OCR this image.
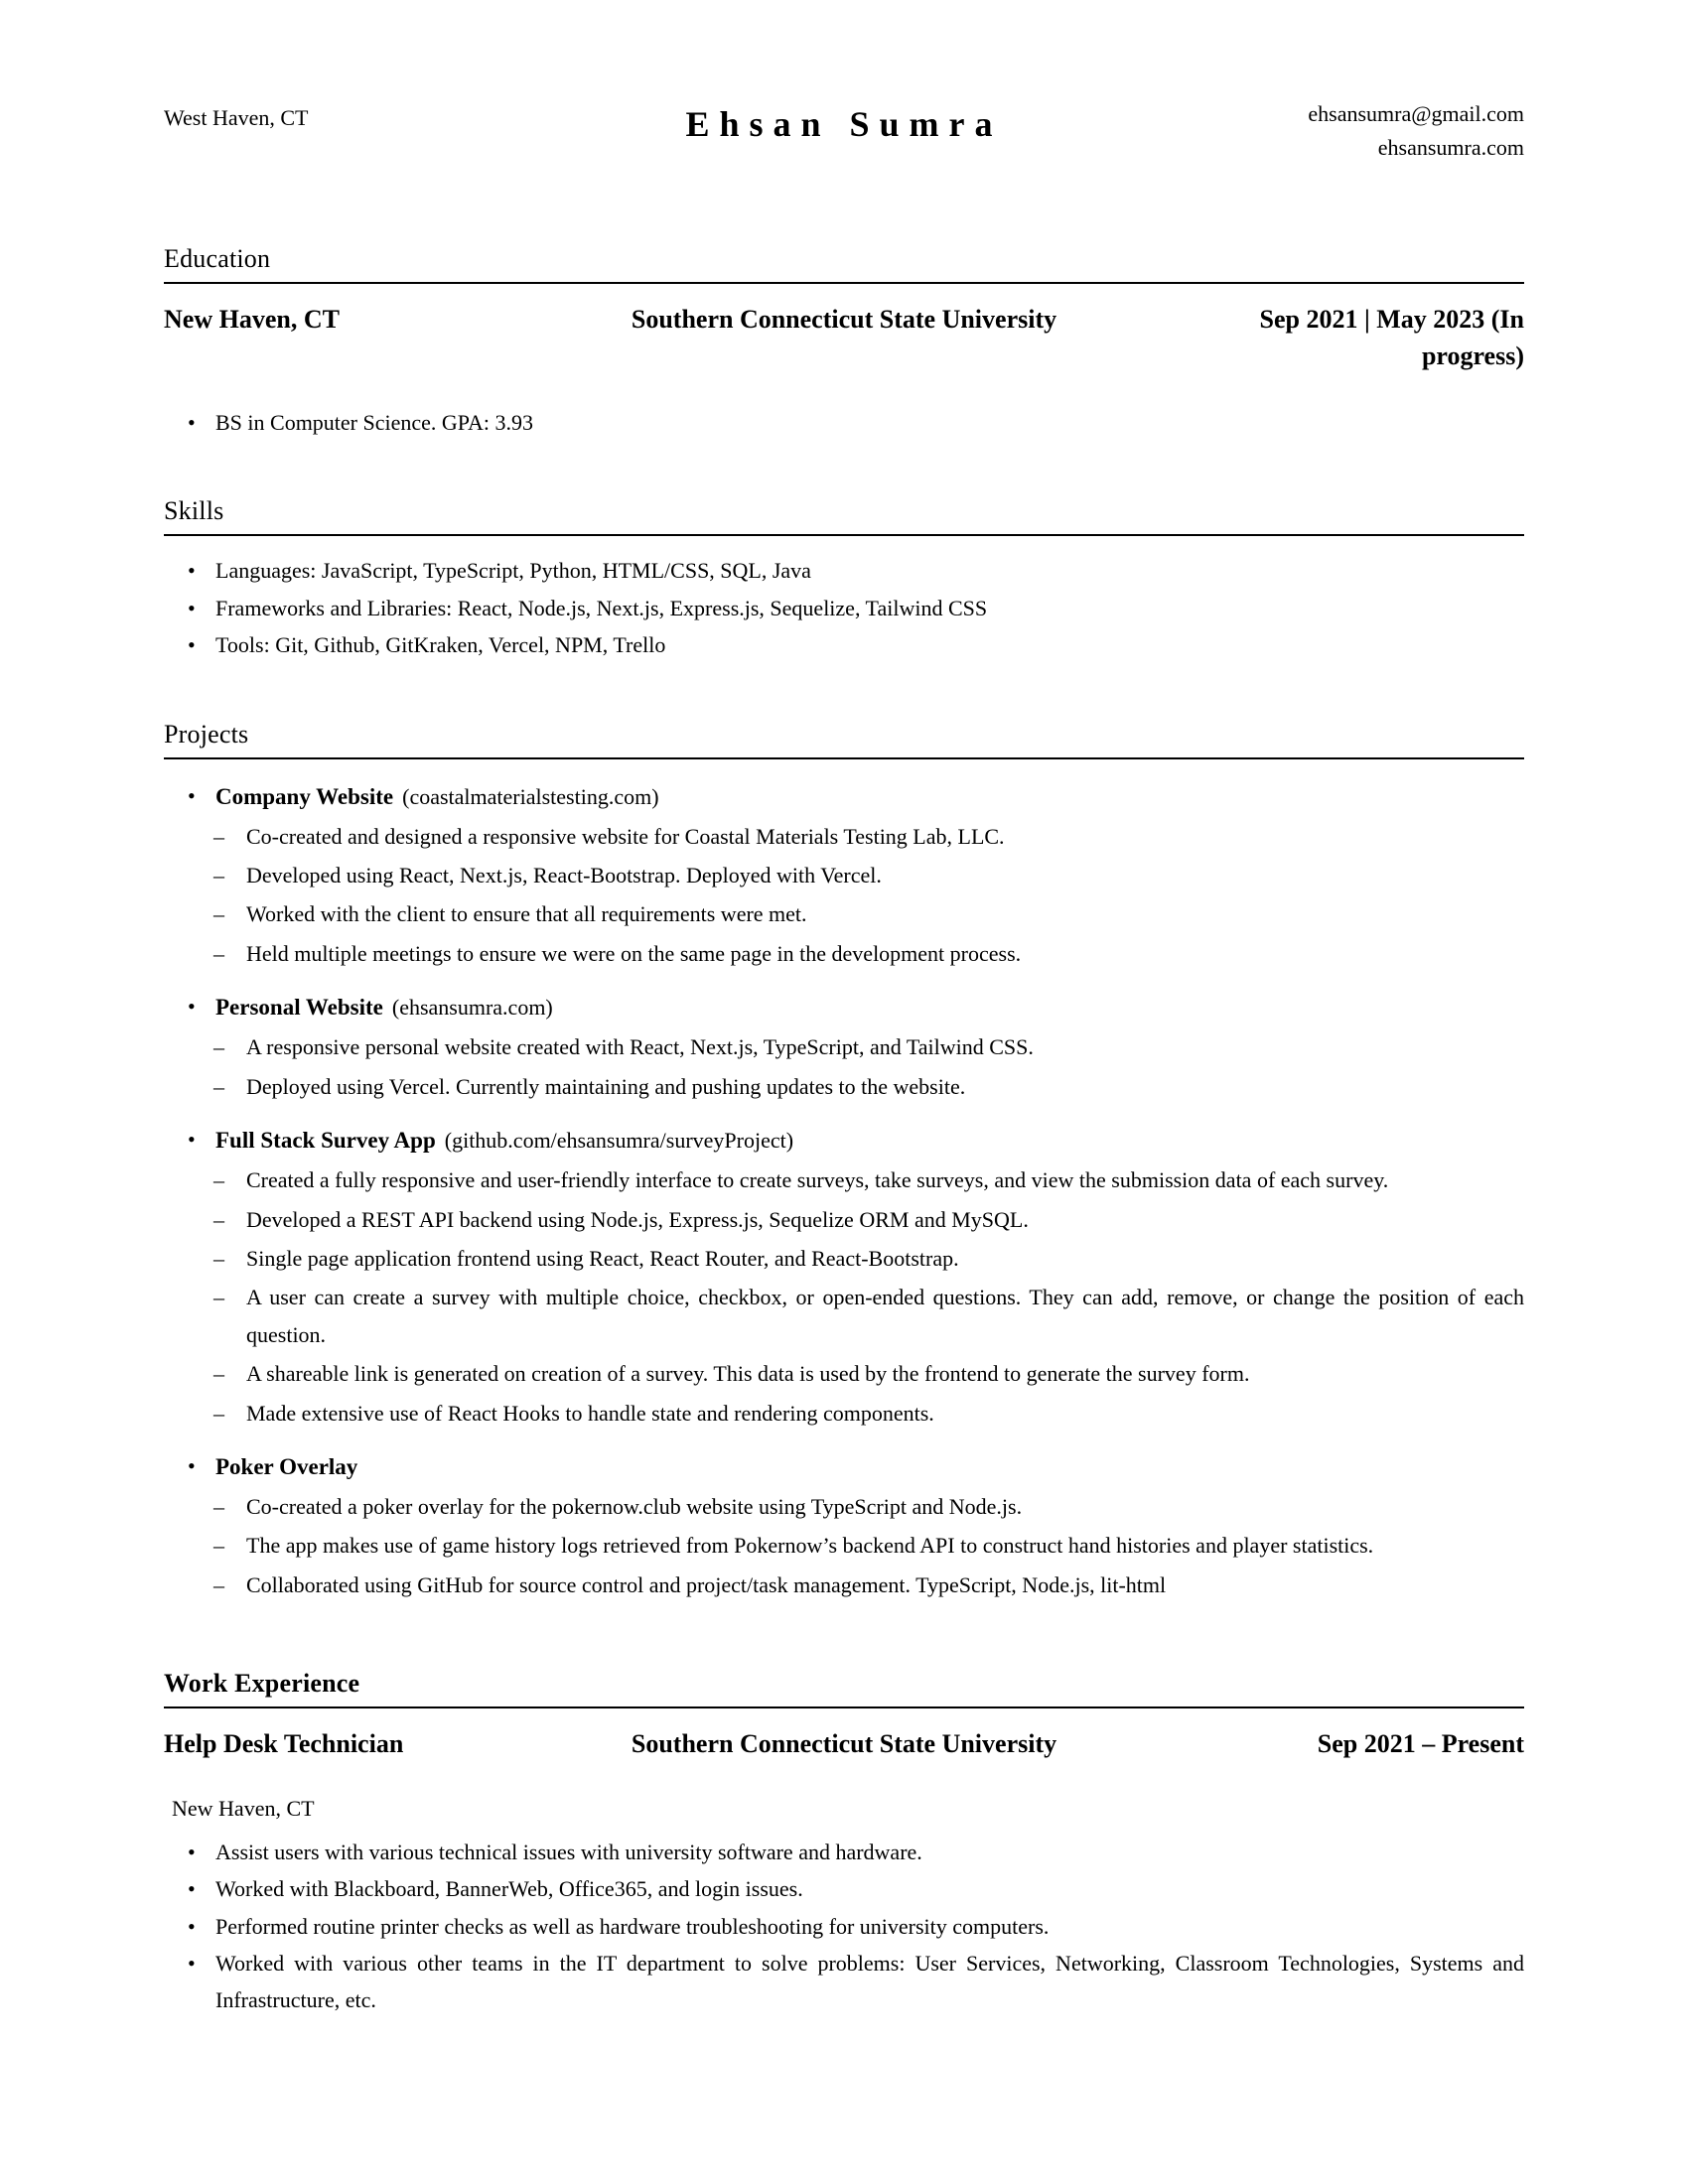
West Haven, CT	Ehsan Sumra	ehsansumra@gmail.com
ehsansumra.com
Education
New Haven, CT	Southern Connecticut State University	Sep 2021 | May 2023 (In progress)
• BS in Computer Science. GPA: 3.93
Skills
• Languages: JavaScript, TypeScript, Python, HTML/CSS, SQL, Java
• Frameworks and Libraries: React, Node.js, Next.js, Express.js, Sequelize, Tailwind CSS
• Tools: Git, Github, GitKraken, Vercel, NPM, Trello
Projects
• Company Website (coastalmaterialstesting.com)
– Co-created and designed a responsive website for Coastal Materials Testing Lab, LLC.
– Developed using React, Next.js, React-Bootstrap. Deployed with Vercel.
– Worked with the client to ensure that all requirements were met.
– Held multiple meetings to ensure we were on the same page in the development process.
• Personal Website (ehsansumra.com)
– A responsive personal website created with React, Next.js, TypeScript, and Tailwind CSS.
– Deployed using Vercel. Currently maintaining and pushing updates to the website.
• Full Stack Survey App (github.com/ehsansumra/surveyProject)
– Created a fully responsive and user-friendly interface to create surveys, take surveys, and view the submission data of each survey.
– Developed a REST API backend using Node.js, Express.js, Sequelize ORM and MySQL.
– Single page application frontend using React, React Router, and React-Bootstrap.
– A user can create a survey with multiple choice, checkbox, or open-ended questions. They can add, remove, or change the position of each question.
– A shareable link is generated on creation of a survey. This data is used by the frontend to generate the survey form.
– Made extensive use of React Hooks to handle state and rendering components.
• Poker Overlay
– Co-created a poker overlay for the pokernow.club website using TypeScript and Node.js.
– The app makes use of game history logs retrieved from Pokernow’s backend API to construct hand histories and player statistics.
– Collaborated using GitHub for source control and project/task management. TypeScript, Node.js, lit-html
Work Experience
Help Desk Technician	Southern Connecticut State University	Sep 2021 – Present
New Haven, CT
• Assist users with various technical issues with university software and hardware.
• Worked with Blackboard, BannerWeb, Office365, and login issues.
• Performed routine printer checks as well as hardware troubleshooting for university computers.
• Worked with various other teams in the IT department to solve problems: User Services, Networking, Classroom Technologies, Systems and Infrastructure, etc.
